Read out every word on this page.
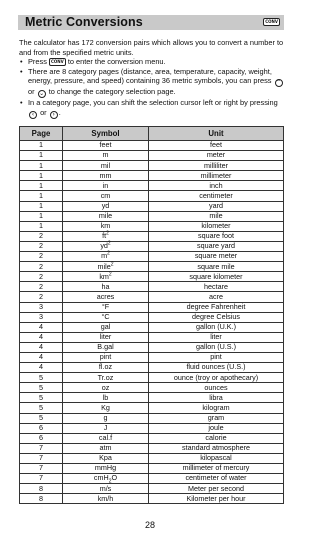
Metric Conversions	CONV

The calculator has 172 conversion pairs which allows you to convert a number to and from the specified metric units.

• Press CONV to enter the conversion menu.
• There are 8 category pages (distance, area, temperature, capacity, weight, energy, pressure, and speed) containing 36 metric symbols, you can press ⌃ or ⌄ to change the category selection page.
• In a category page, you can shift the selection cursor left or right by pressing ‹ or › .
Page	Symbol	Unit
1	feet	feet
1	m	meter
1	mil	milliliter
1	mm	millimeter
1	in	inch
1	cm	centimeter
1	yd	yard
1	mile	mile
1	km	kilometer
2	$ft^2$	square foot
2	$yd^2$	square yard
2	$m^2$	square meter
2	mile$^2$	square mile
2	$km^2$	square kilometer
2	ha	hectare
2	acres	acre
3	°F	degree Fahrenheit
3	°C	degree Celsius
4	gal	gallon (U.K.)
4	liter	liter
4	B.gal	gallon (U.S.)
4	pint	pint
4	fl.oz	fluid ounces (U.S.)
5	Tr.oz	ounce (troy or apothecary)
5	oz	ounces
5	lb	libra
5	Kg	kilogram
5	g	gram
6	J	joule
6	cal.f	calorie
7	atm	standard atmosphere
7	Kpa	kilopascal
7	mmHg	millimeter of mercury
7	cmH$_2$O	centimeter of water
8	m/s	Meter per second
8	km/h	Kilometer per hour
28
